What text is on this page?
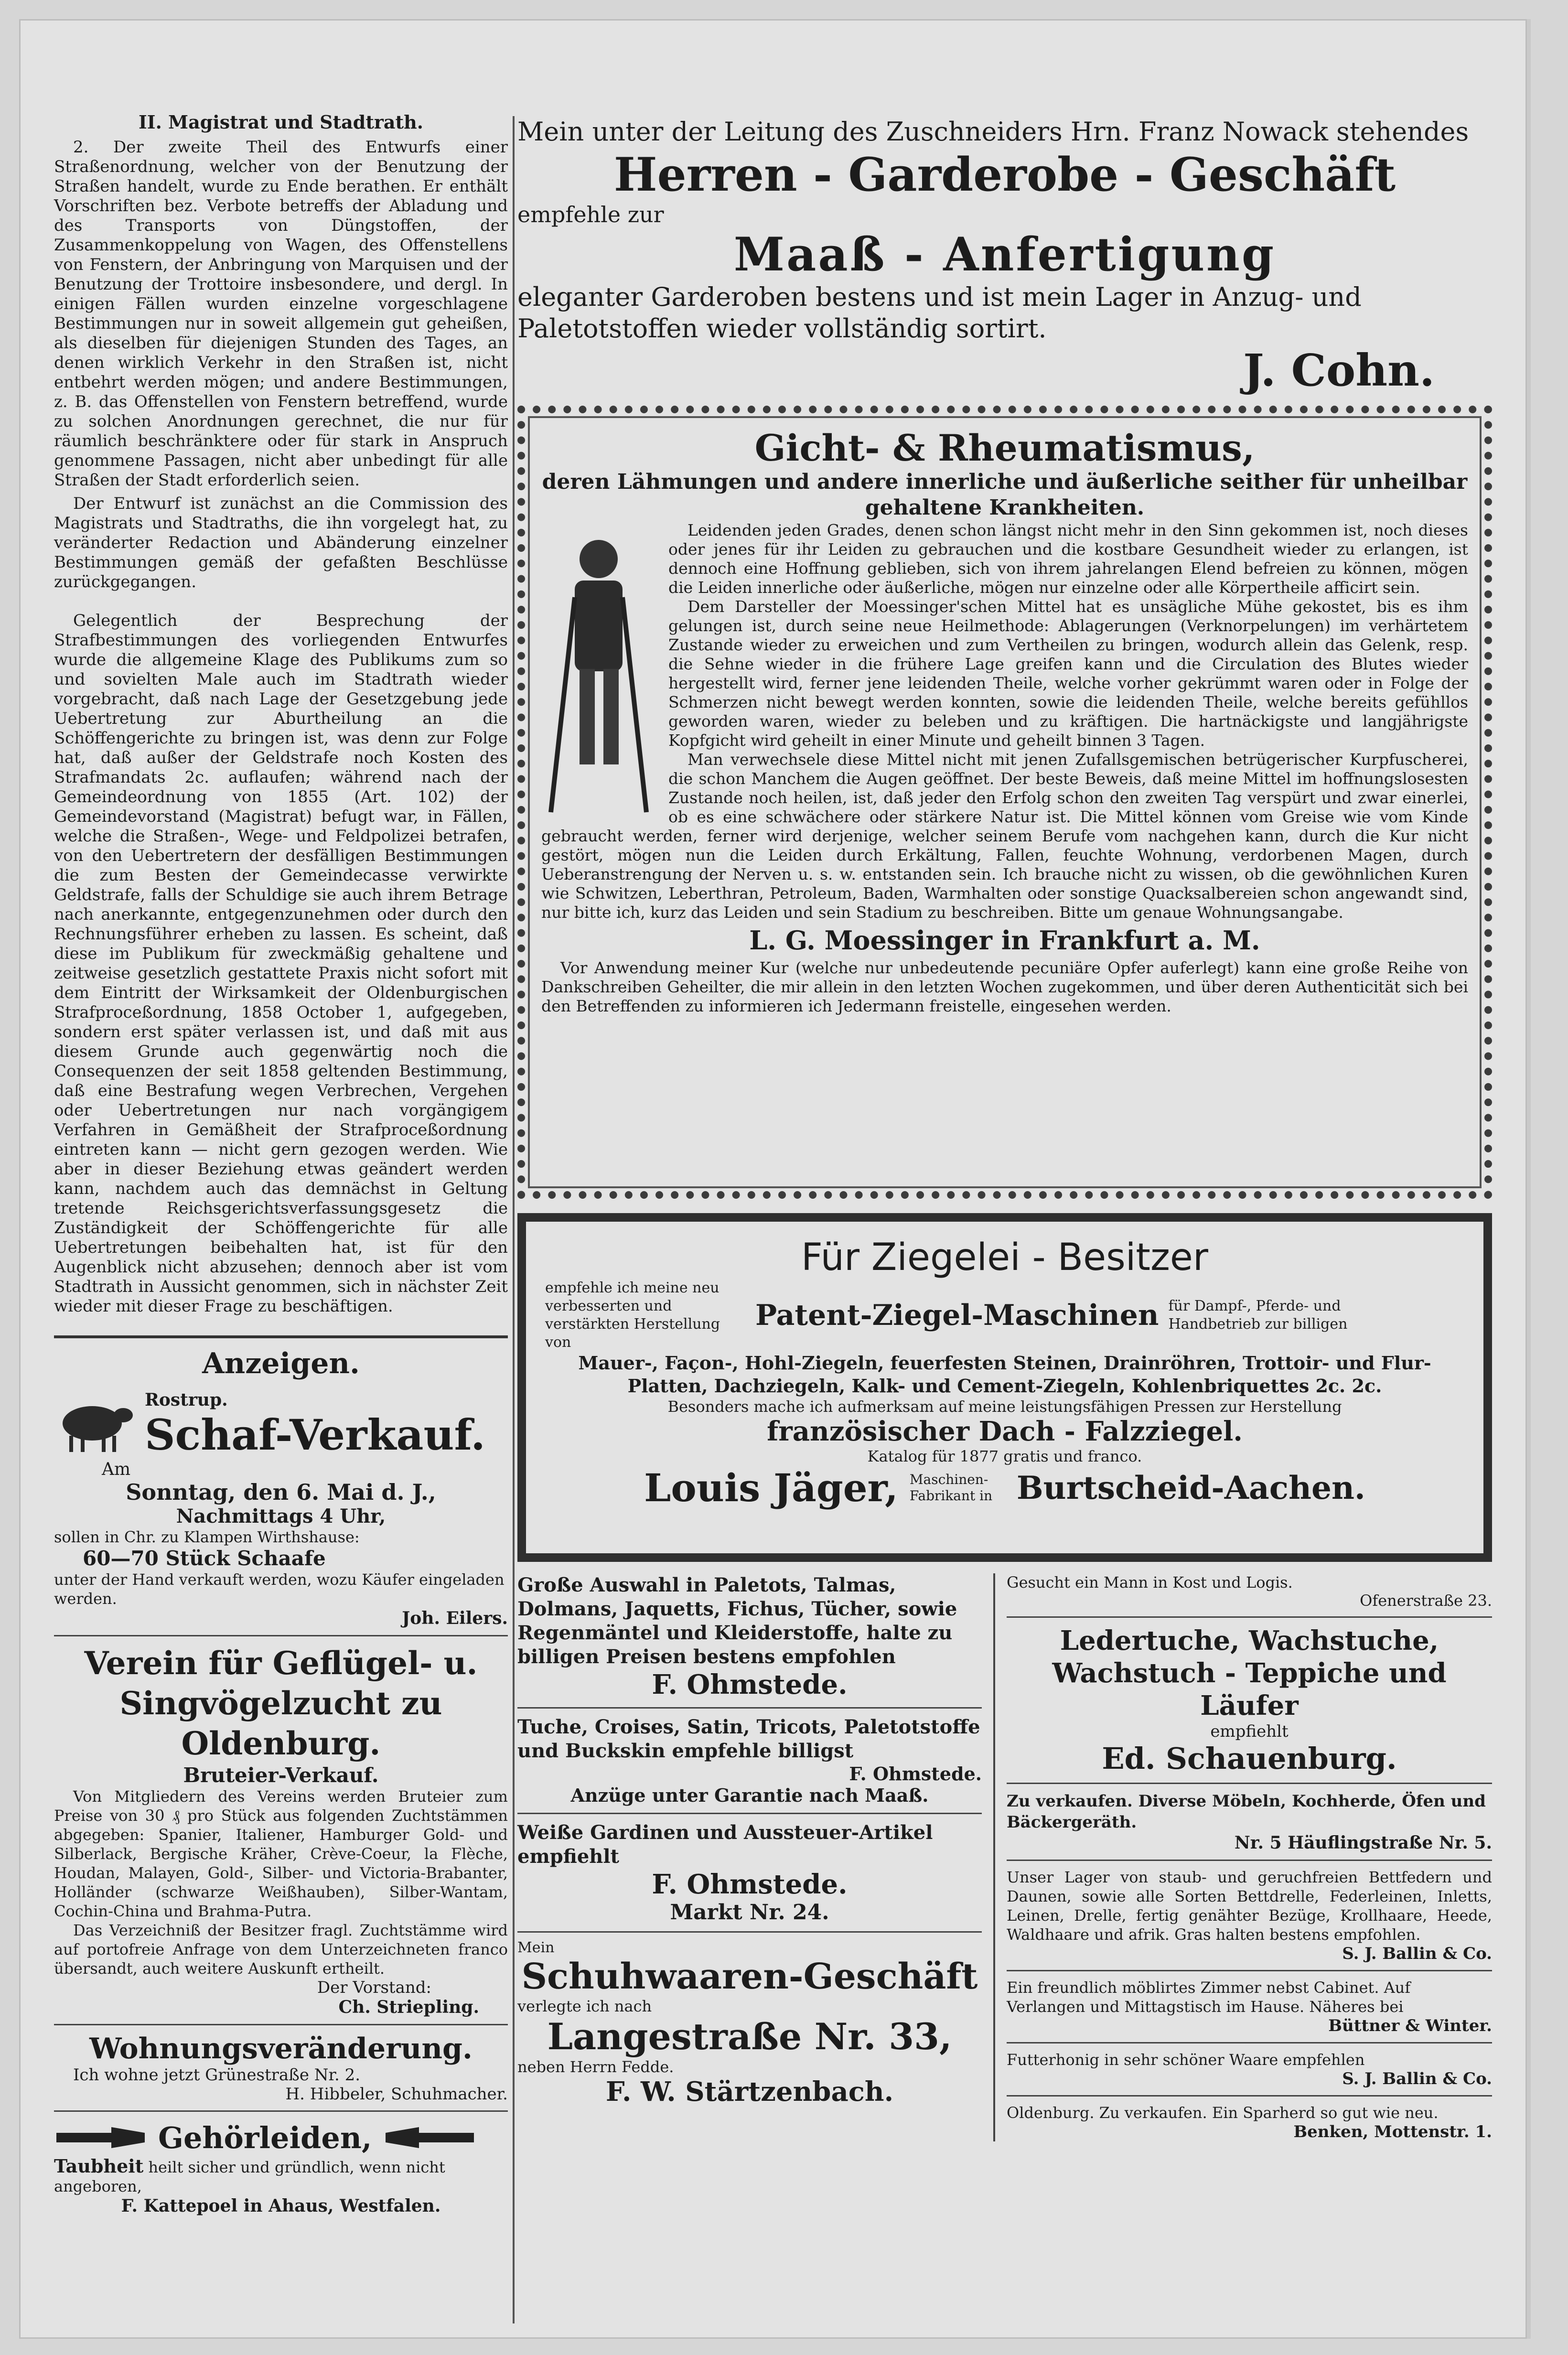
II. Magistrat und Stadtrath.

2. Der zweite Theil des Entwurfs einer Straßenordnung, welcher von der Benutzung der Straßen handelt, wurde zu Ende berathen. Er enthält Vorschriften bez. Verbote betreffs der Abladung und des Transports von Düngstoffen, der Zusammenkoppelung von Wagen, des Offenstellens von Fenstern, der Anbringung von Marquisen und der Benutzung der Trottoire insbesondere, und dergl. In einigen Fällen wurden einzelne vorgeschlagene Bestimmungen nur in soweit allgemein gut geheißen, als dieselben für diejenigen Stunden des Tages, an denen wirklich Verkehr in den Straßen ist, nicht entbehrt werden mögen; und andere Bestimmungen, z. B. das Offenstellen von Fenstern betreffend, wurde zu solchen Anordnungen gerechnet, die nur für räumlich beschränktere oder für stark in Anspruch genommene Passagen, nicht aber unbedingt für alle Straßen der Stadt erforderlich seien.

Der Entwurf ist zunächst an die Commission des Magistrats und Stadtraths, die ihn vorgelegt hat, zu veränderter Redaction und Abänderung einzelner Bestimmungen gemäß der gefaßten Beschlüsse zurückgegangen.

Gelegentlich der Besprechung der Strafbestimmungen des vorliegenden Entwurfes wurde die allgemeine Klage des Publikums zum so und sovielten Male auch im Stadtrath wieder vorgebracht, daß nach Lage der Gesetzgebung jede Uebertretung zur Aburtheilung an die Schöffengerichte zu bringen ist, was denn zur Folge hat, daß außer der Geldstrafe noch Kosten des Strafmandats 2c. auflaufen; während nach der Gemeindeordnung von 1855 (Art. 102) der Gemeindevorstand (Magistrat) befugt war, in Fällen, welche die Straßen-, Wege- und Feldpolizei betrafen, von den Uebertretern der desfälligen Bestimmungen die zum Besten der Gemeindecasse verwirkte Geldstrafe, falls der Schuldige sie auch ihrem Betrage nach anerkannte, entgegenzunehmen oder durch den Rechnungsführer erheben zu lassen. Es scheint, daß diese im Publikum für zweckmäßig gehaltene und zeitweise gesetzlich gestattete Praxis nicht sofort mit dem Eintritt der Wirksamkeit der Oldenburgischen Strafproceßordnung, 1858 October 1, aufgegeben, sondern erst später verlassen ist, und daß mit aus diesem Grunde auch gegenwärtig noch die Consequenzen der seit 1858 geltenden Bestimmung, daß eine Bestrafung wegen Verbrechen, Vergehen oder Uebertretungen nur nach vorgängigem Verfahren in Gemäßheit der Strafproceßordnung eintreten kann — nicht gern gezogen werden. Wie aber in dieser Beziehung etwas geändert werden kann, nachdem auch das demnächst in Geltung tretende Reichsgerichtsverfassungsgesetz die Zuständigkeit der Schöffengerichte für alle Uebertretungen beibehalten hat, ist für den Augenblick nicht abzusehen; dennoch aber ist vom Stadtrath in Aussicht genommen, sich in nächster Zeit wieder mit dieser Frage zu beschäftigen.

Anzeigen.

Rostrup.

Schaf-Verkauf.

Am

Sonntag, den 6. Mai d. J.,

Nachmittags 4 Uhr,

sollen in Chr. zu Klampen Wirthshause:

60—70 Stück Schaafe

unter der Hand verkauft werden, wozu Käufer eingeladen werden.

Joh. Eilers.

Verein für Geflügel- u. Singvögelzucht zu Oldenburg.

Bruteier-Verkauf.

Von Mitgliedern des Vereins werden Bruteier zum Preise von 30 ₰ pro Stück aus folgenden Zuchtstämmen abgegeben: Spanier, Italiener, Hamburger Gold- und Silberlack, Bergische Kräher, Crève-Coeur, la Flèche, Houdan, Malayen, Gold-, Silber- und Victoria-Brabanter, Holländer (schwarze Weißhauben), Silber-Wantam, Cochin-China und Brahma-Putra.

Das Verzeichniß der Besitzer fragl. Zuchtstämme wird auf portofreie Anfrage von dem Unterzeichneten franco übersandt, auch weitere Auskunft ertheilt.

Der Vorstand:

Ch. Striepling.

Wohnungsveränderung.

Ich wohne jetzt Grünestraße Nr. 2.

H. Hibbeler, Schuhmacher.

Gehörleiden,

Taubheit heilt sicher und gründlich, wenn nicht angeboren,

F. Kattepoel in Ahaus, Westfalen.

Mein unter der Leitung des Zuschneiders Hrn. Franz Nowack stehendes

Herren - Garderobe - Geschäft

empfehle zur

Maaß - Anfertigung

eleganter Garderoben bestens und ist mein Lager in Anzug- und Paletotstoffen wieder vollständig sortirt.

J. Cohn.

Gicht- & Rheumatismus,

deren Lähmungen und andere innerliche und äußerliche seither für unheilbar gehaltene Krankheiten.

Leidenden jeden Grades, denen schon längst nicht mehr in den Sinn gekommen ist, noch dieses oder jenes für ihr Leiden zu gebrauchen und die kostbare Gesundheit wieder zu erlangen, ist dennoch eine Hoffnung geblieben, sich von ihrem jahrelangen Elend befreien zu können, mögen die Leiden innerliche oder äußerliche, mögen nur einzelne oder alle Körpertheile afficirt sein.

Dem Darsteller der Moessinger'schen Mittel hat es unsägliche Mühe gekostet, bis es ihm gelungen ist, durch seine neue Heilmethode: Ablagerungen (Verknorpelungen) im verhärtetem Zustande wieder zu erweichen und zum Vertheilen zu bringen, wodurch allein das Gelenk, resp. die Sehne wieder in die frühere Lage greifen kann und die Circulation des Blutes wieder hergestellt wird, ferner jene leidenden Theile, welche vorher gekrümmt waren oder in Folge der Schmerzen nicht bewegt werden konnten, sowie die leidenden Theile, welche bereits gefühllos geworden waren, wieder zu beleben und zu kräftigen. Die hartnäckigste und langjährigste Kopfgicht wird geheilt in einer Minute und geheilt binnen 3 Tagen.

Man verwechsele diese Mittel nicht mit jenen Zufallsgemischen betrügerischer Kurpfuscherei, die schon Manchem die Augen geöffnet. Der beste Beweis, daß meine Mittel im hoffnungslosesten Zustande noch heilen, ist, daß jeder den Erfolg schon den zweiten Tag verspürt und zwar einerlei, ob es eine schwächere oder stärkere Natur ist. Die Mittel können vom Greise wie vom Kinde gebraucht werden, ferner wird derjenige, welcher seinem Berufe vom nachgehen kann, durch die Kur nicht gestört, mögen nun die Leiden durch Erkältung, Fallen, feuchte Wohnung, verdorbenen Magen, durch Ueberanstrengung der Nerven u. s. w. entstanden sein. Ich brauche nicht zu wissen, ob die gewöhnlichen Kuren wie Schwitzen, Leberthran, Petroleum, Baden, Warmhalten oder sonstige Quacksalbereien schon angewandt sind, nur bitte ich, kurz das Leiden und sein Stadium zu beschreiben. Bitte um genaue Wohnungsangabe.

L. G. Moessinger in Frankfurt a. M.

Vor Anwendung meiner Kur (welche nur unbedeutende pecuniäre Opfer auferlegt) kann eine große Reihe von Dankschreiben Geheilter, die mir allein in den letzten Wochen zugekommen, und über deren Authenticität sich bei den Betreffenden zu informieren ich Jedermann freistelle, eingesehen werden.

Für Ziegelei - Besitzer

empfehle ich meine neu verbesserten und verstärkten Herstellung von

Patent-Ziegel-Maschinen für Dampf-, Pferde- und Handbetrieb zur billigen

Mauer-, Façon-, Hohl-Ziegeln, feuerfesten Steinen, Drainröhren, Trottoir- und Flur-Platten, Dachziegeln, Kalk- und Cement-Ziegeln, Kohlenbriquettes 2c. 2c.

Besonders mache ich aufmerksam auf meine leistungsfähigen Pressen zur Herstellung

französischer Dach - Falzziegel.

Katalog für 1877 gratis und franco.

Louis Jäger, Maschinen-Fabrikant in Burtscheid-Aachen.

Große Auswahl in Paletots, Talmas, Dolmans, Jaquetts, Fichus, Tücher, sowie Regenmäntel und Kleiderstoffe, halte zu billigen Preisen bestens empfohlen

F. Ohmstede.

Tuche, Croises, Satin, Tricots, Paletotstoffe und Buckskin empfehle billigst

F. Ohmstede.

Anzüge unter Garantie nach Maaß.

Weiße Gardinen und Aussteuer-Artikel empfiehlt

F. Ohmstede.

Markt Nr. 24.

Mein

Schuhwaaren-Geschäft

verlegte ich nach

Langestraße Nr. 33,

neben Herrn Fedde.

F. W. Stärtzenbach.

Gesucht ein Mann in Kost und Logis.

Ofenerstraße 23.

Ledertuche, Wachstuche, Wachstuch - Teppiche und Läufer

empfiehlt

Ed. Schauenburg.

Zu verkaufen. Diverse Möbeln, Kochherde, Öfen und Bäckergeräth.

Nr. 5 Häuflingstraße Nr. 5.

Unser Lager von staub- und geruchfreien Bettfedern und Daunen, sowie alle Sorten Bettdrelle, Federleinen, Inletts, Leinen, Drelle, fertig genähter Bezüge, Krollhaare, Heede, Waldhaare und afrik. Gras halten bestens empfohlen.

S. J. Ballin & Co.

Ein freundlich möblirtes Zimmer nebst Cabinet. Auf Verlangen und Mittagstisch im Hause. Näheres bei

Büttner & Winter.

Futterhonig in sehr schöner Waare empfehlen

S. J. Ballin & Co.

Oldenburg. Zu verkaufen. Ein Sparherd so gut wie neu.

Benken, Mottenstr. 1.
